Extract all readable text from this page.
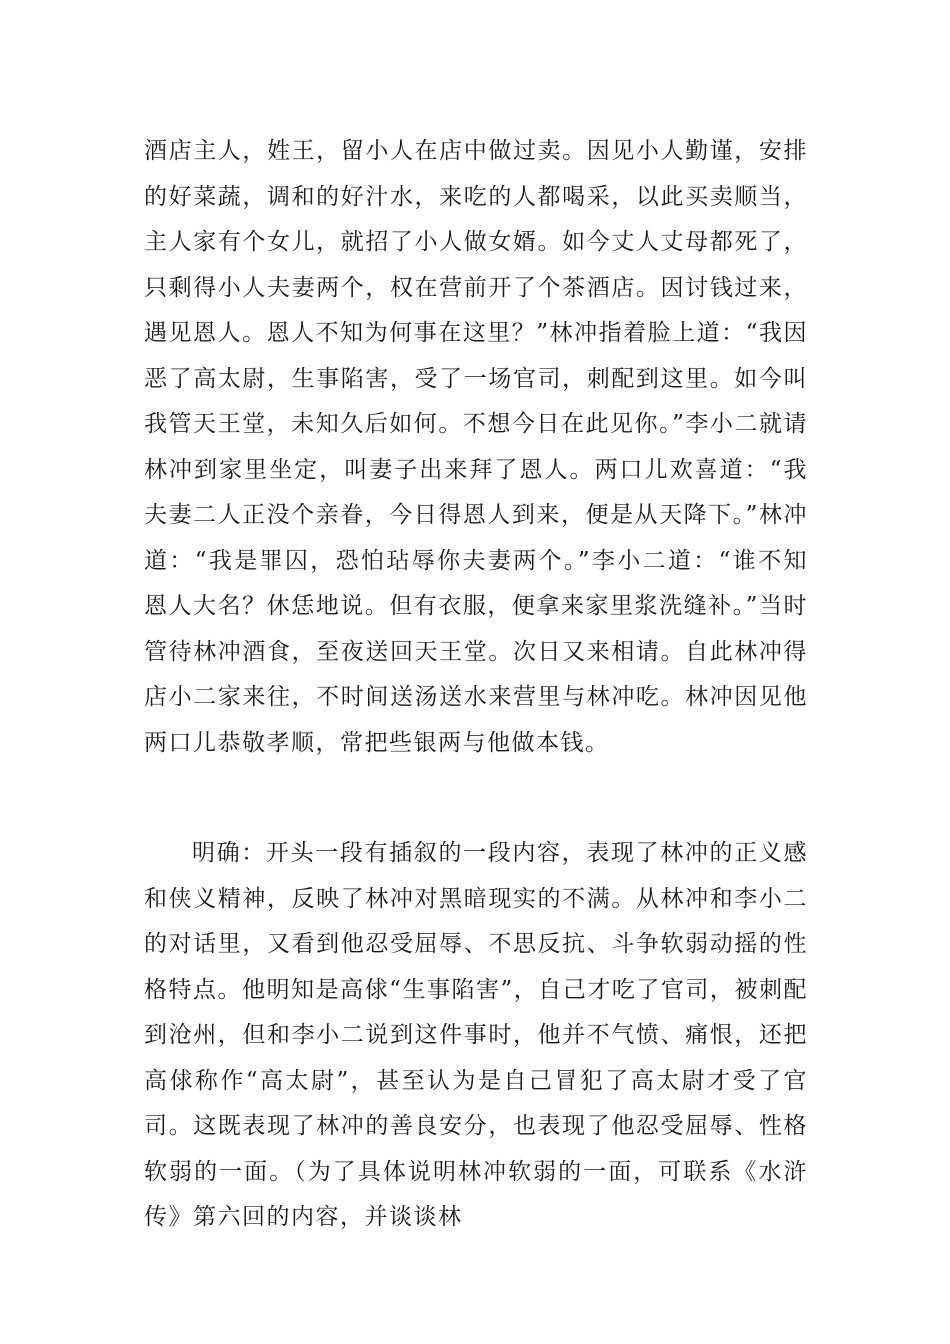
酒店主人，姓王，留小人在店中做过卖。因见小人勤谨，安排的好菜蔬，调和的好汁水，来吃的人都喝采，以此买卖顺当，主人家有个女儿，就招了小人做女婿。如今丈人丈母都死了，只剩得小人夫妻两个，权在营前开了个茶酒店。因讨钱过来，遇见恩人。恩人不知为何事在这里？”林冲指着脸上道：“我因恶了高太尉，生事陷害，受了一场官司，刺配到这里。如今叫我管天王堂，未知久后如何。不想今日在此见你。”李小二就请林冲到家里坐定，叫妻子出来拜了恩人。两口儿欢喜道：“我夫妻二人正没个亲眷，今日得恩人到来，便是从天降下。”林冲道：“我是罪囚，恐怕玷辱你夫妻两个。”李小二道：“谁不知恩人大名？休恁地说。但有衣服，便拿来家里浆洗缝补。”当时管待林冲酒食，至夜送回天王堂。次日又来相请。自此林冲得店小二家来往，不时间送汤送水来营里与林冲吃。林冲因见他两口儿恭敬孝顺，常把些银两与他做本钱。

明确：开头一段有插叙的一段内容，表现了林冲的正义感和侠义精神，反映了林冲对黑暗现实的不满。从林冲和李小二的对话里，又看到他忍受屈辱、不思反抗、斗争软弱动摇的性格特点。他明知是高俅“生事陷害”，自己才吃了官司，被刺配到沧州，但和李小二说到这件事时，他并不气愤、痛恨，还把高俅称作“高太尉”，甚至认为是自己冒犯了高太尉才受了官司。这既表现了林冲的善良安分，也表现了他忍受屈辱、性格软弱的一面。（为了具体说明林冲软弱的一面，可联系《水浒传》第六回的内容，并谈谈林
